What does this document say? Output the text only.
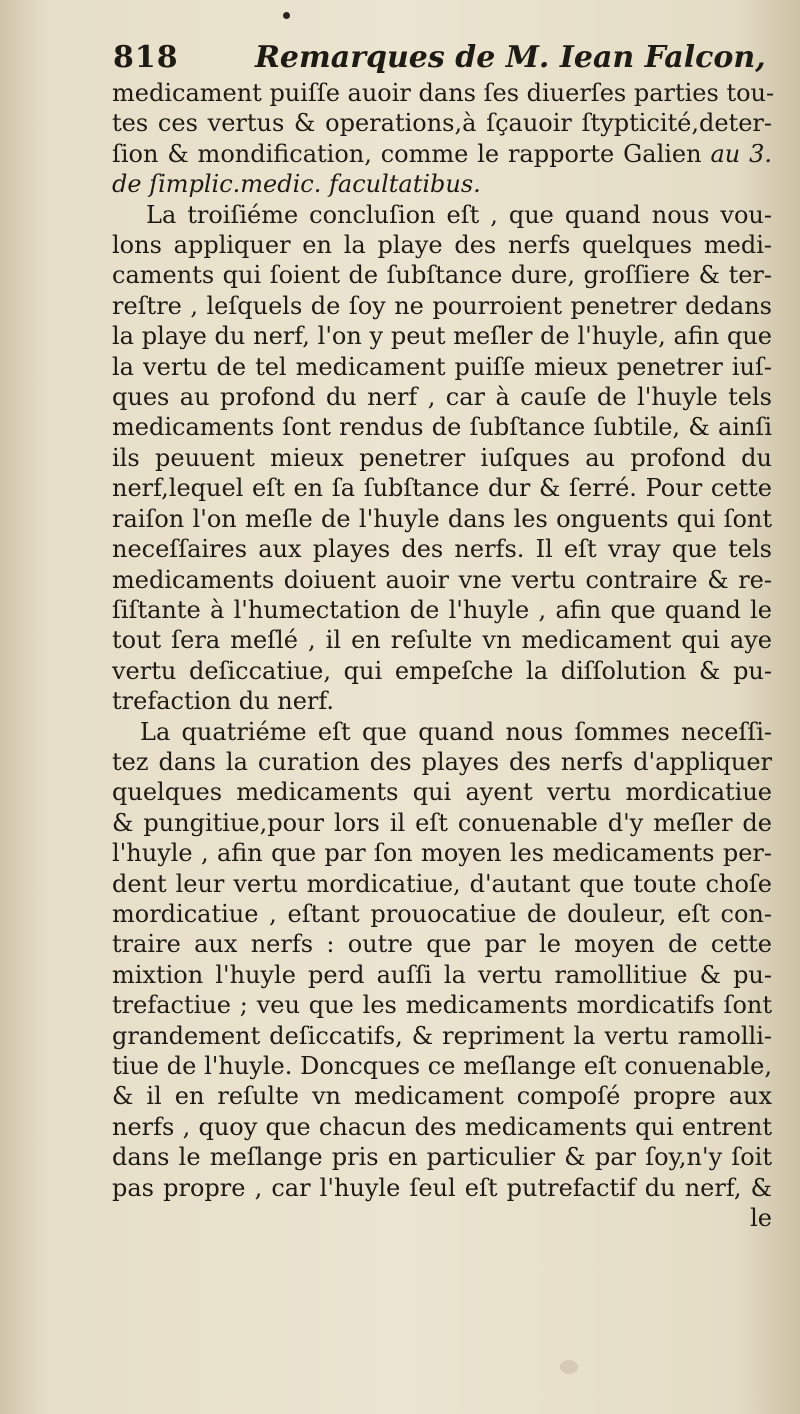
818	Remarques de M. Iean Falcon,
medicament puiſſe auoir dans ſes diuerſes parties tou-
tes ces vertus & operations,à ſçauoir ſtypticité,deter-
ſion & mondification, comme le rapporte Galien au 3.
de ſimplic.medic. facultatibus.
La troiſiéme concluſion eſt , que quand nous vou-
lons appliquer en la playe des nerfs quelques medi-
caments qui ſoient de ſubſtance dure, groſſiere & ter-
reſtre , leſquels de ſoy ne pourroient penetrer dedans
la playe du nerf, l'on y peut meſler de l'huyle, afin que
la vertu de tel medicament puiſſe mieux penetrer iuſ-
ques au profond du nerf , car à cauſe de l'huyle tels
medicaments ſont rendus de ſubſtance ſubtile, & ainſi
ils peuuent mieux penetrer iuſques au profond du
nerf,lequel eſt en ſa ſubſtance dur & ſerré. Pour cette
raiſon l'on meſle de l'huyle dans les onguents qui ſont
neceſſaires aux playes des nerfs. Il eſt vray que tels
medicaments doiuent auoir vne vertu contraire & re-
ſiſtante à l'humectation de l'huyle , afin que quand le
tout ſera meſlé , il en reſulte vn medicament qui aye
vertu deſiccatiue, qui empeſche la diſſolution & pu-
trefaction du nerf.
La quatriéme eſt que quand nous ſommes neceſſi-
tez dans la curation des playes des nerfs d'appliquer
quelques medicaments qui ayent vertu mordicatiue
& pungitiue,pour lors il eſt conuenable d'y meſler de
l'huyle , afin que par ſon moyen les medicaments per-
dent leur vertu mordicatiue, d'autant que toute choſe
mordicatiue , eſtant prouocatiue de douleur, eſt con-
traire aux nerfs : outre que par le moyen de cette
mixtion l'huyle perd auſſi la vertu ramollitiue & pu-
trefactiue ; veu que les medicaments mordicatifs ſont
grandement deſiccatifs, & repriment la vertu ramolli-
tiue de l'huyle. Doncques ce meſlange eſt conuenable,
& il en reſulte vn medicament compoſé propre aux
nerfs , quoy que chacun des medicaments qui entrent
dans le meſlange pris en particulier & par ſoy,n'y ſoit
pas propre , car l'huyle ſeul eſt putrefactif du nerf, &
le
